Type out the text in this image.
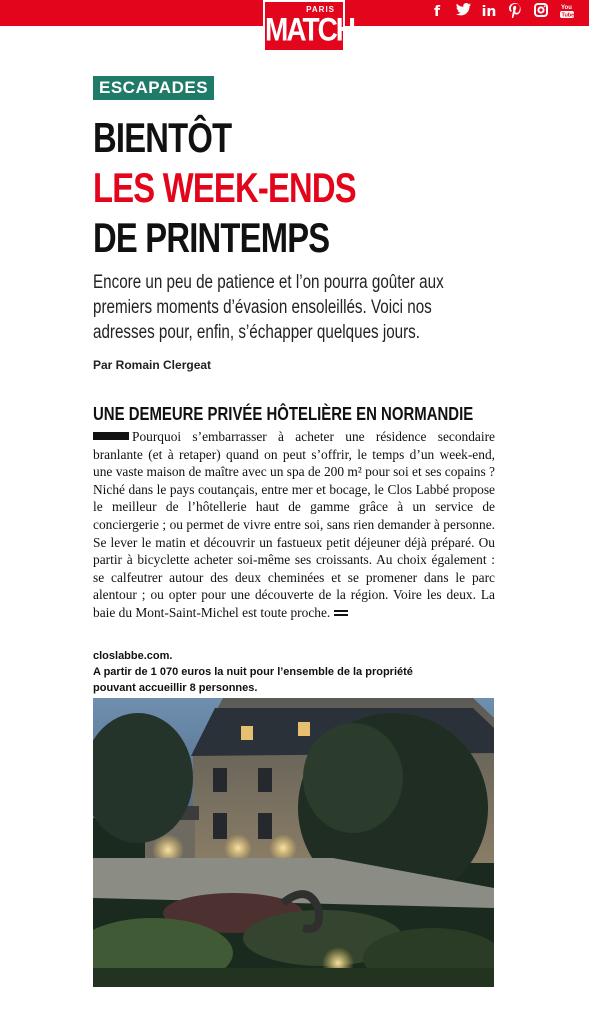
f	in	You
Tube
PARIS
MATCH
ESCAPADES
BIENTÔT
LES WEEK-ENDS
DE PRINTEMPS
Encore un peu de patience et l’on pourra goûter aux premiers moments d’évasion ensoleillés. Voici nos adresses pour, enfin, s’échapper quelques jours.
Par Romain Clergeat
UNE DEMEURE PRIVÉE HÔTELIÈRE EN NORMANDIE
Pourquoi s’embarrasser à acheter une résidence secondaire branlante (et à retaper) quand on peut s’offrir, le temps d’un week-end, une vaste maison de maître avec un spa de 200 m² pour soi et ses copains ? Niché dans le pays coutançais, entre mer et bocage, le Clos Labbé propose le meilleur de l’hôtellerie haut de gamme grâce à un service de conciergerie ; ou permet de vivre entre soi, sans rien demander à personne. Se lever le matin et découvrir un fastueux petit déjeuner déjà préparé. Ou partir à bicyclette acheter soi-même ses croissants. Au choix également : se calfeutrer autour des deux cheminées et se promener dans le parc alentour ; ou opter pour une découverte de la région. Voire les deux. La baie du Mont-Saint-Michel est toute proche.
closlabbe.com.
A partir de 1 070 euros la nuit pour l’ensemble de la propriété
pouvant accueillir 8 personnes.
